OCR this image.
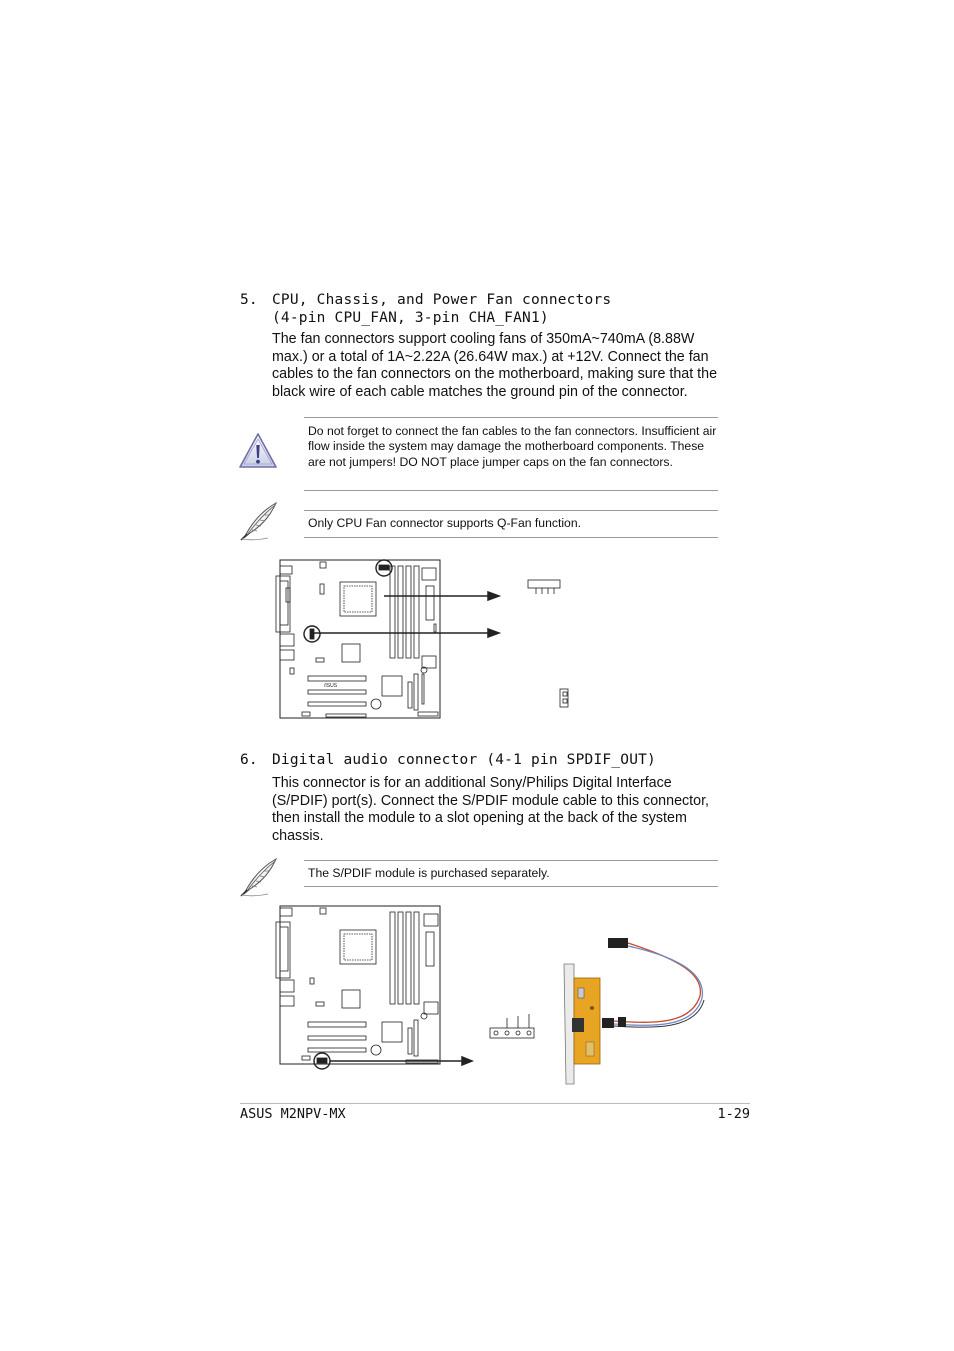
5. CPU, Chassis, and Power Fan connectors
(4-pin CPU_FAN, 3-pin CHA_FAN1)
The fan connectors support cooling fans of 350mA~740mA (8.88W max.) or a total of 1A~2.22A (26.64W max.) at +12V. Connect the fan cables to the fan connectors on the motherboard, making sure that the black wire of each cable matches the ground pin of the connector.
Do not forget to connect the fan cables to the fan connectors. Insufficient air flow inside the system may damage the motherboard components. These are not jumpers! DO NOT place jumper caps on the fan connectors.
Only CPU Fan connector supports Q-Fan function.
/ISUS
6. Digital audio connector (4-1 pin SPDIF_OUT)
This connector is for an additional Sony/Philips Digital Interface (S/PDIF) port(s). Connect the S/PDIF module cable to this connector, then install the module to a slot opening at the back of the system chassis.
The S/PDIF module is purchased separately.
ASUS M2NPV-MX	1-29
